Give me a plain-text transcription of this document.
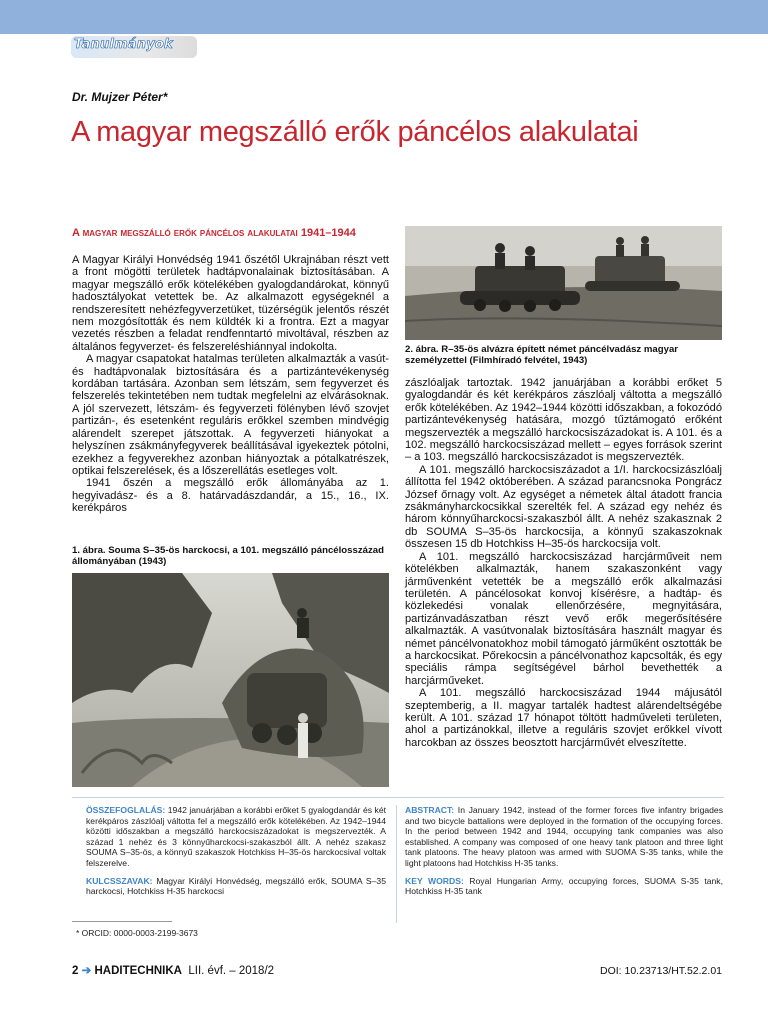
Tanulmányok
Dr. Mujzer Péter*
A magyar megszálló erők páncélos alakulatai
A magyar megszálló erők páncélos alakulatai 1941–1944

A Magyar Királyi Honvédség 1941 őszétől Ukrajnában részt vett a front mögötti területek hadtápvonalainak biztosításában. A magyar megszálló erők kötelékében gyalogdandárokat, könnyű hadosztályokat vetettek be. Az alkalmazott egységeknél a rendszeresített nehézfegyverzetüket, tüzérségük jelentős részét nem mozgósították és nem küldték ki a frontra. Ezt a magyar vezetés részben a feladat rendfenntartó mivoltával, részben az általános fegyverzet- és felszereléshiánnyal indokolta.

A magyar csapatokat hatalmas területen alkalmazták a vasút- és hadtápvonalak biztosítására és a partizántevékenység kordában tartására. Azonban sem létszám, sem fegyverzet és felszerelés tekintetében nem tudtak megfelelni az elvárásoknak. A jól szervezett, létszám- és fegyverzeti fölényben lévő szovjet partizán-, és esetenként reguláris erőkkel szemben mindvégig alárendelt szerepet játszottak. A fegyverzeti hiányokat a helyszínen zsákmányfegyverek beállításával igyekeztek pótolni, ezekhez a fegyverekhez azonban hiányoztak a pótalkatrészek, optikai felszerelések, és a lőszerellátás esetleges volt.

1941 őszén a megszálló erők állományába az 1. hegyivadász- és a 8. határvadászdandár, a 15., 16., IX. kerékpáros

1. ábra. Souma S–35-ös harckocsi, a 101. megszálló páncélosszázad állományában (1943)
2. ábra. R–35-ös alvázra épített német páncélvadász magyar személyzettel (Filmhíradó felvétel, 1943)

zászlóaljak tartoztak. 1942 januárjában a korábbi erőket 5 gyalogdandár és két kerékpáros zászlóalj váltotta a megszálló erők kötelékében. Az 1942–1944 közötti időszakban, a fokozódó partizántevékenység hatására, mozgó tűztámogató erőként megszervezték a megszálló harckocsiszázadokat is. A 101. és a 102. megszálló harckocsiszázad mellett – egyes források szerint – a 103. megszálló harckocsiszázadot is megszervezték.

A 101. megszálló harckocsiszázadot a 1/I. harckocsizászlóalj állította fel 1942 októberében. A század parancsnoka Pongrácz József őrnagy volt. Az egységet a németek által átadott francia zsákmányharckocsikkal szerelték fel. A század egy nehéz és három könnyűharckocsi-szakaszból állt. A nehéz szakasznak 2 db SOUMA S–35-ös harckocsija, a könnyű szakaszoknak összesen 15 db Hotchkiss H–35-ös harckocsija volt.

A 101. megszálló harckocsiszázad harcjárműveit nem kötelékben alkalmazták, hanem szakaszonként vagy járművenként vetették be a megszálló erők alkalmazási területén. A páncélosokat konvoj kísérésre, a hadtáp- és közlekedési vonalak ellenőrzésére, megnyitására, partizánvadászatban részt vevő erők megerősítésére alkalmazták. A vasútvonalak biztosítására használt magyar és német páncélvonatokhoz mobil támogató járműként osztották be a harckocsikat. Pőrekocsin a páncélvonathoz kapcsolták, és egy speciális rámpa segítségével bárhol bevethették a harcjárműveket.

A 101. megszálló harckocsiszázad 1944 májusától szeptemberig, a II. magyar tartalék hadtest alárendeltségébe került. A 101. század 17 hónapot töltött hadműveleti területen, ahol a partizánokkal, illetve a reguláris szovjet erőkkel vívott harcokban az összes beosztott harcjárművét elveszítette.

ÖSSZEFOGLALÁS: 1942 januárjában a korábbi erőket 5 gyalogdandár és két kerékpáros zászlóalj váltotta fel a megszálló erők kötelékében. Az 1942–1944 közötti időszakban a megszálló harckocsiszázadokat is megszervezték. A század 1 nehéz és 3 könnyűharckocsi-szakaszból állt. A nehéz szakasz SOUMA S–35-ös, a könnyű szakaszok Hotchkiss H–35-ös harckocsival voltak felszerelve.
KULCSSZAVAK: Magyar Királyi Honvédség, megszálló erők, SOUMA S–35 harckocsi, Hotchkiss H-35 harckocsi
ABSTRACT: In January 1942, instead of the former forces five infantry brigades and two bicycle battalions were deployed in the formation of the occupying forces. In the period between 1942 and 1944, occupying tank companies was also established. A company was composed of one heavy tank platoon and three light tank platoons. The heavy platoon was armed with SUOMA S-35 tanks, while the light platoons had Hotchkiss H-35 tanks.
KEY WORDS: Royal Hungarian Army, occupying forces, SUOMA S-35 tank, Hotchkiss H-35 tank
* ORCID: 0000-0003-2199-3673
2 ➔ HADITECHNIKA LII. évf. – 2018/2	DOI: 10.23713/HT.52.2.01
